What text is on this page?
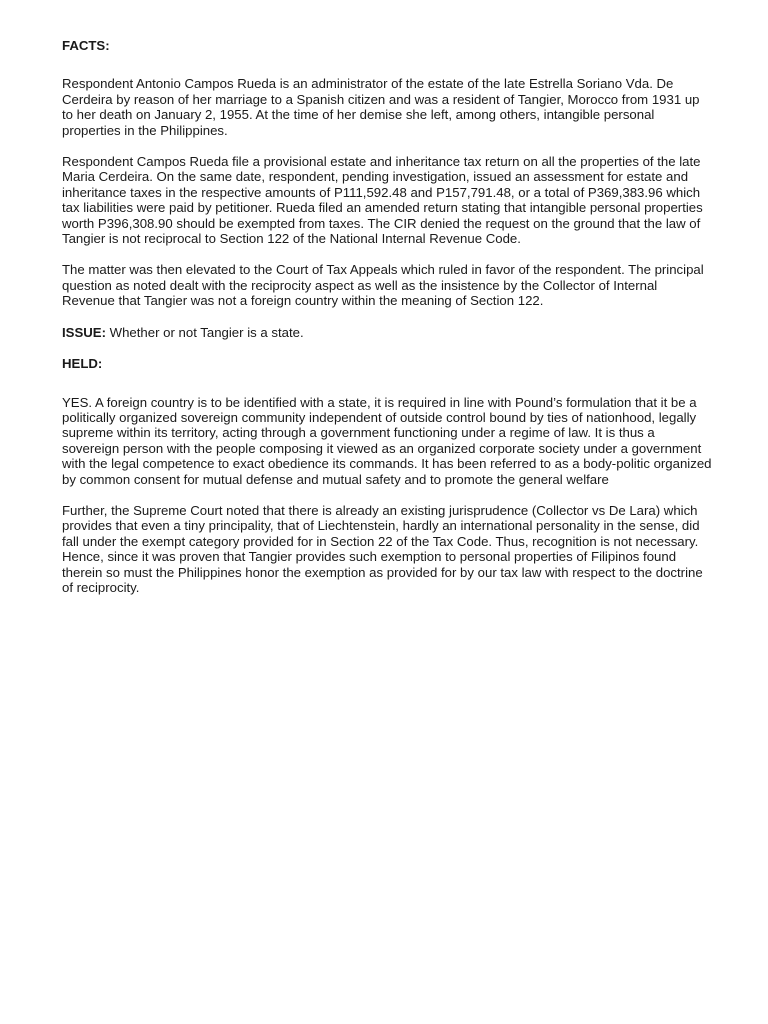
FACTS:

Respondent Antonio Campos Rueda is an administrator of the estate of the late Estrella Soriano Vda. De Cerdeira by reason of her marriage to a Spanish citizen and was a resident of Tangier, Morocco from 1931 up to her death on January 2, 1955. At the time of her demise she left, among others, intangible personal properties in the Philippines.

Respondent Campos Rueda file a provisional estate and inheritance tax return on all the properties of the late Maria Cerdeira. On the same date, respondent, pending investigation, issued an assessment for estate and inheritance taxes in the respective amounts of P111,592.48 and P157,791.48, or a total of P369,383.96 which tax liabilities were paid by petitioner. Rueda filed an amended return stating that intangible personal properties worth P396,308.90 should be exempted from taxes. The CIR denied the request on the ground that the law of Tangier is not reciprocal to Section 122 of the National Internal Revenue Code.

The matter was then elevated to the Court of Tax Appeals which ruled in favor of the respondent. The principal question as noted dealt with the reciprocity aspect as well as the insistence by the Collector of Internal Revenue that Tangier was not a foreign country within the meaning of Section 122.

ISSUE: Whether or not Tangier is a state.

HELD:

YES. A foreign country is to be identified with a state, it is required in line with Pound’s formulation that it be a politically organized sovereign community independent of outside control bound by ties of nationhood, legally supreme within its territory, acting through a government functioning under a regime of law. It is thus a sovereign person with the people composing it viewed as an organized corporate society under a government with the legal competence to exact obedience its commands. It has been referred to as a body-politic organized by common consent for mutual defense and mutual safety and to promote the general welfare

Further, the Supreme Court noted that there is already an existing jurisprudence (Collector vs De Lara) which provides that even a tiny principality, that of Liechtenstein, hardly an international personality in the sense, did fall under the exempt category provided for in Section 22 of the Tax Code. Thus, recognition is not necessary. Hence, since it was proven that Tangier provides such exemption to personal properties of Filipinos found therein so must the Philippines honor the exemption as provided for by our tax law with respect to the doctrine of reciprocity.
